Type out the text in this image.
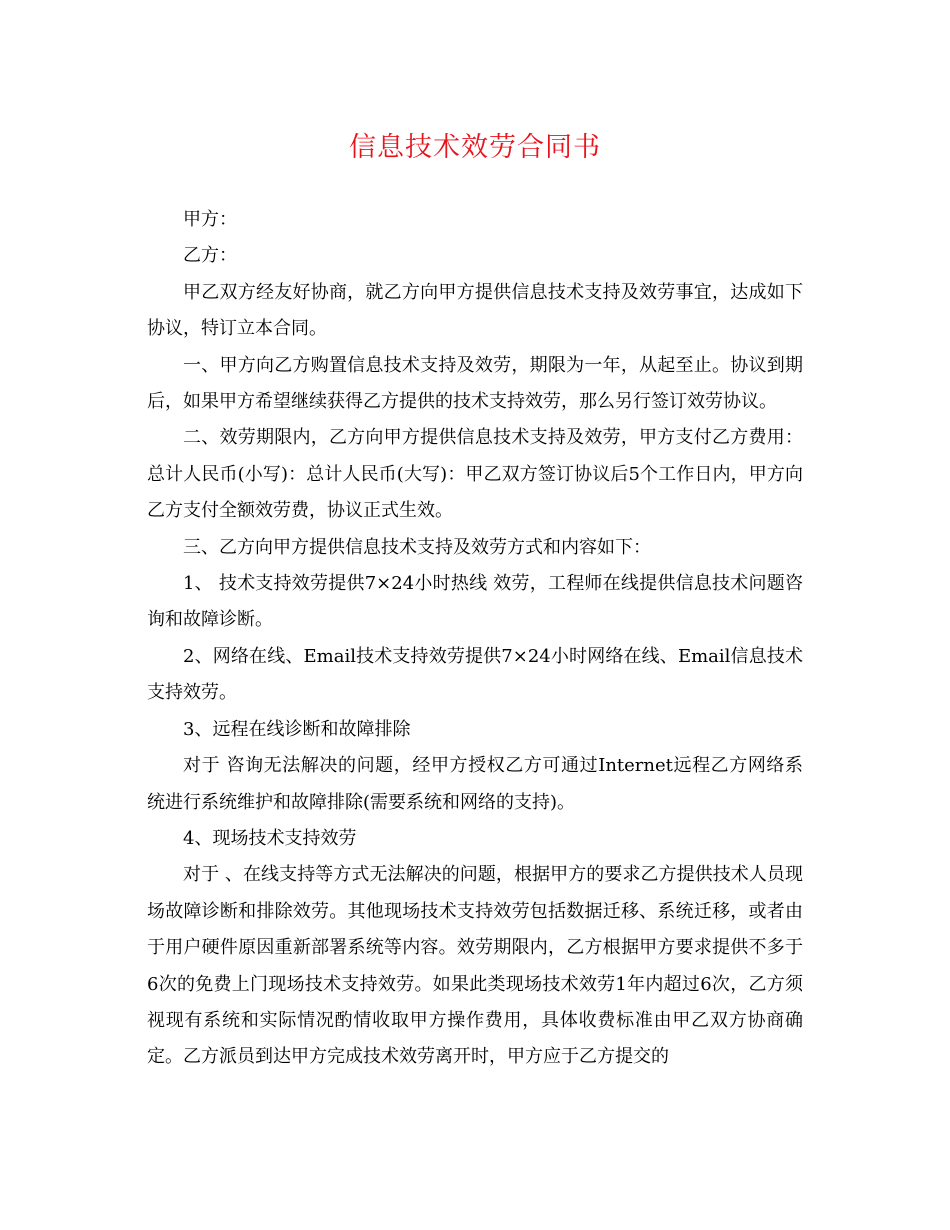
信息技术效劳合同书

甲方：

乙方：

甲乙双方经友好协商，就乙方向甲方提供信息技术支持及效劳事宜，达成如下协议，特订立本合同。

一、甲方向乙方购置信息技术支持及效劳，期限为一年，从起至止。协议到期后，如果甲方希望继续获得乙方提供的技术支持效劳，那么另行签订效劳协议。

二、效劳期限内，乙方向甲方提供信息技术支持及效劳，甲方支付乙方费用：总计人民币(小写)：总计人民币(大写)：甲乙双方签订协议后5个工作日内，甲方向乙方支付全额效劳费，协议正式生效。

三、乙方向甲方提供信息技术支持及效劳方式和内容如下：

1、 技术支持效劳提供7×24小时热线 效劳，工程师在线提供信息技术问题咨询和故障诊断。

2、网络在线、Email技术支持效劳提供7×24小时网络在线、Email信息技术支持效劳。

3、远程在线诊断和故障排除

对于 咨询无法解决的问题，经甲方授权乙方可通过Internet远程乙方网络系统进行系统维护和故障排除(需要系统和网络的支持)。

4、现场技术支持效劳

对于 、在线支持等方式无法解决的问题，根据甲方的要求乙方提供技术人员现场故障诊断和排除效劳。其他现场技术支持效劳包括数据迁移、系统迁移，或者由于用户硬件原因重新部署系统等内容。效劳期限内，乙方根据甲方要求提供不多于6次的免费上门现场技术支持效劳。如果此类现场技术效劳1年内超过6次，乙方须视现有系统和实际情况酌情收取甲方操作费用，具体收费标准由甲乙双方协商确定。乙方派员到达甲方完成技术效劳离开时，甲方应于乙方提交的
